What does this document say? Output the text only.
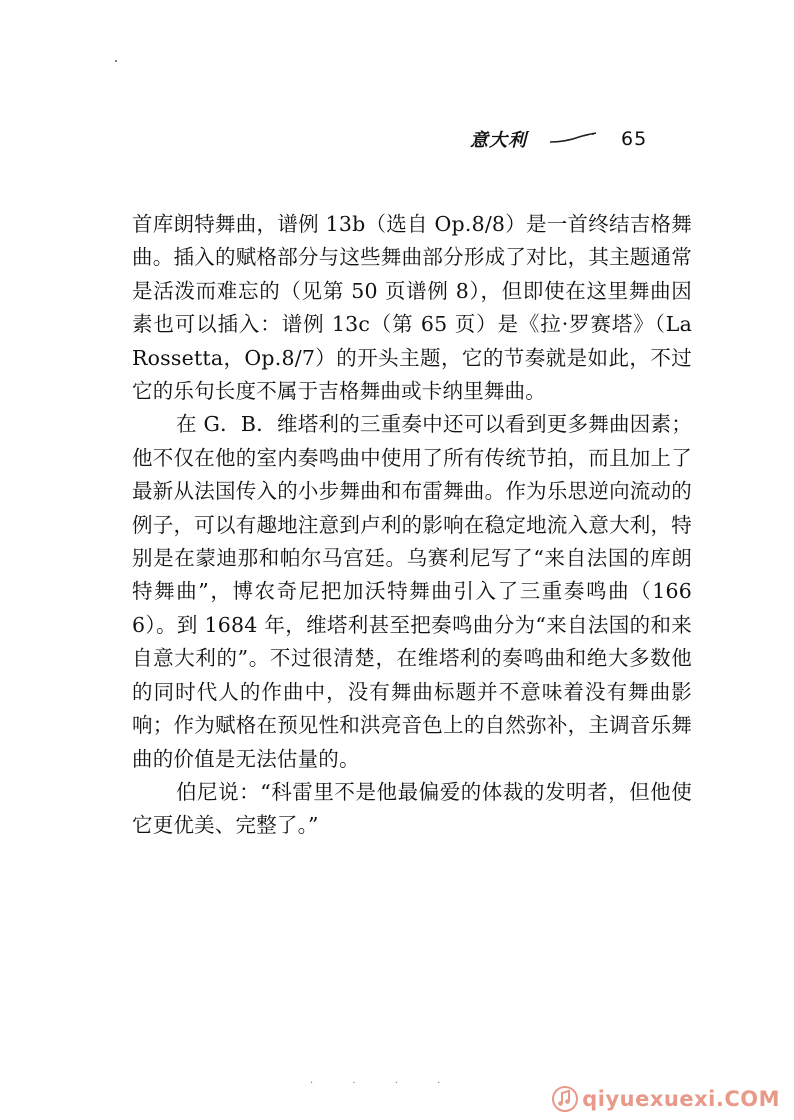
意大利	65

首库朗特舞曲，谱例 13b（选自 Op.8/8）是一首终结吉格舞曲。插入的赋格部分与这些舞曲部分形成了对比，其主题通常是活泼而难忘的（见第 50 页谱例 8），但即使在这里舞曲因素也可以插入：谱例 13c（第 65 页）是《拉·罗赛塔》（La Rossetta，Op.8/7）的开头主题，它的节奏就是如此，不过它的乐句长度不属于吉格舞曲或卡纳里舞曲。

在 G．B．维塔利的三重奏中还可以看到更多舞曲因素；他不仅在他的室内奏鸣曲中使用了所有传统节拍，而且加上了最新从法国传入的小步舞曲和布雷舞曲。作为乐思逆向流动的例子，可以有趣地注意到卢利的影响在稳定地流入意大利，特别是在蒙迪那和帕尔马宫廷。乌赛利尼写了“来自法国的库朗特舞曲”，博农奇尼把加沃特舞曲引入了三重奏鸣曲（1666）。到 1684 年，维塔利甚至把奏鸣曲分为“来自法国的和来自意大利的”。不过很清楚，在维塔利的奏鸣曲和绝大多数他的同时代人的作曲中，没有舞曲标题并不意味着没有舞曲影响；作为赋格在预见性和洪亮音色上的自然弥补，主调音乐舞曲的价值是无法估量的。

伯尼说：“科雷里不是他最偏爱的体裁的发明者，但他使它更优美、完整了。”

· · · ·
qiyuexuexi.COM
